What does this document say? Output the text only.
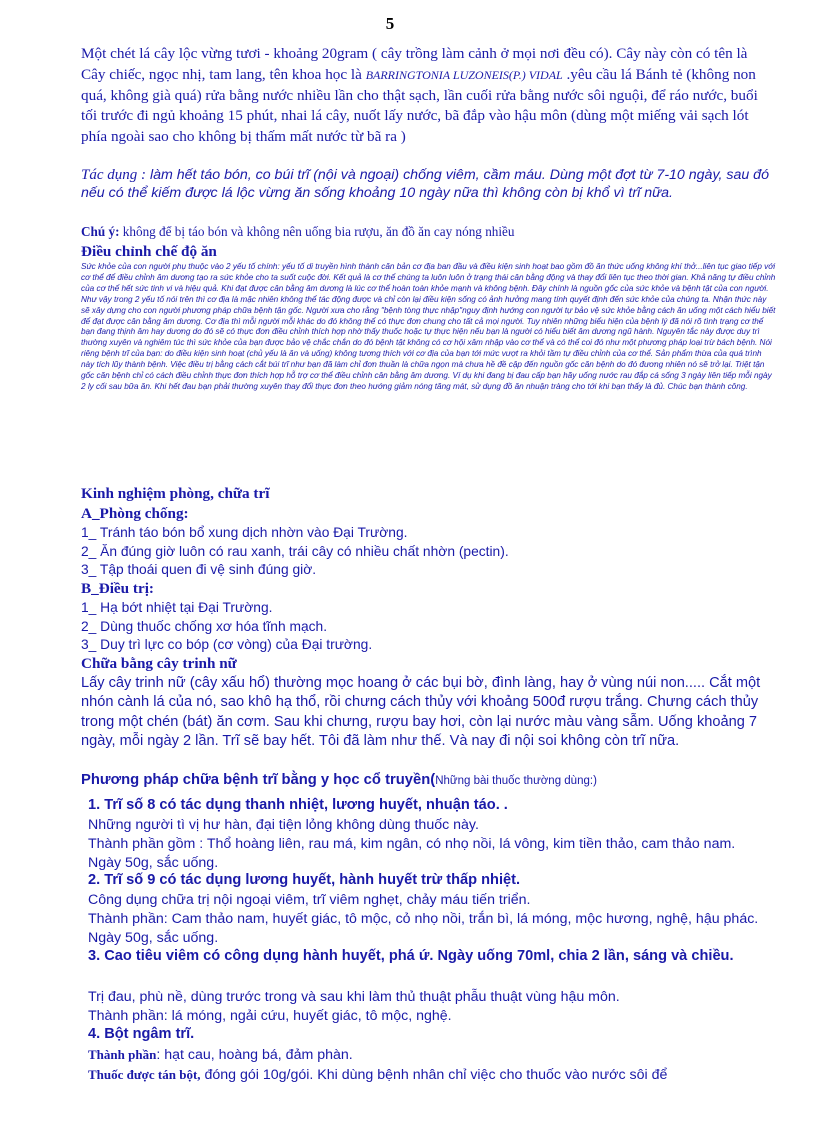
5

Một chét lá cây lộc vừng tươi - khoảng 20gram ( cây trồng làm cảnh ở mọi nơi đều có). Cây này còn có tên là Cây chiếc, ngọc nhị, tam lang, tên khoa học là BARRINGTONIA LUZONEIS(P.) VIDAL .yêu cầu lá Bánh tẻ (không non quá, không già quá) rửa bằng nước nhiều lần cho thật sạch, lần cuối rửa bằng nước sôi nguội, để ráo nước, buổi tối trước đi ngủ khoảng 15 phút, nhai lá cây, nuốt lấy nước, bã đắp vào hậu môn (dùng một miếng vải sạch lót phía ngoài sao cho không bị thấm mất nước từ bã ra )

Tác dụng : làm hết táo bón, co búi trĩ (nội và ngoại) chống viêm, cầm máu. Dùng một đợt từ 7-10 ngày, sau đó nếu có thể kiếm được lá lộc vừng ăn sống khoảng 10 ngày nữa thì không còn bị khổ vì trĩ nữa.

Chú ý: không để bị táo bón và không nên uống bia rượu, ăn đồ ăn cay nóng nhiều

Điều chỉnh chế độ ăn

Sức khỏe của con người phụ thuộc vào 2 yếu tố chính: yếu tố di truyền hình thành căn bản cơ địa ban đầu và điều kiện sinh hoạt bao gồm đồ ăn thức uống không khí thở...liên tục giao tiếp với cơ thể để điều chỉnh âm dương tạo ra sức khỏe cho ta suốt cuộc đời. Kết quả là cơ thể chúng ta luôn luôn ở trạng thái cân bằng động và thay đổi liên tục theo thời gian. Khả năng tự điều chỉnh của cơ thể hết sức tinh vi và hiệu quả. Khi đạt được cân bằng âm dương là lúc cơ thể hoàn toàn khỏe mạnh và không bệnh. Đây chính là nguồn gốc của sức khỏe và bệnh tật của con người. Như vậy trong 2 yếu tố nói trên thì cơ địa là mặc nhiên không thể tác động được và chỉ còn lại điều kiện sống có ảnh hưởng mang tính quyết định đến sức khỏe của chúng ta. Nhận thức này sẽ xây dựng cho con người phương pháp chữa bệnh tận gốc. Người xưa cho rằng "bệnh tòng thực nhập"nguy định hướng con người tự bảo vệ sức khỏe bằng cách ăn uống một cách hiểu biết để đạt được cân bằng âm dương. Cơ địa thì mỗi người mỗi khác do đó không thể có thực đơn chung cho tất cả mọi người. Tuy nhiên những biểu hiện của bệnh lý đã nói rõ tình trạng cơ thể bạn đang thịnh âm hay dương do đó sẽ có thực đơn điều chỉnh thích hợp nhờ thấy thuốc hoặc tự thực hiện nếu bạn là người có hiểu biết âm dương ngũ hành. Nguyên tắc này được duy trì thường xuyên và nghiêm túc thì sức khỏe của bạn được bảo vệ chắc chắn do đó bệnh tật không có cơ hội xâm nhập vào cơ thể và có thể coi đó như một phương pháp loại trừ bách bệnh. Nói riêng bệnh trĩ của bạn: do điều kiện sinh hoạt (chủ yếu là ăn và uống) không tương thích với cơ địa của bạn tới mức vượt ra khỏi tầm tự điều chỉnh của cơ thể. Sản phẩm thừa của quá trình này tích lũy thành bệnh. Việc điều trị bằng cách cắt búi trĩ như bạn đã làm chỉ đơn thuần là chữa ngọn mà chưa hề đề cập đến nguồn gốc căn bệnh do đó đương nhiên nó sẽ trở lại. Triệt tận gốc căn bệnh chỉ có cách điều chỉnh thực đơn thích hợp hỗ trợ cơ thể điều chỉnh cân bằng âm dương. Ví dụ khi đang bị đau cấp bạn hãy uống nước rau đắp cá sống 3 ngày liên tiếp mỗi ngày 2 ly cối sau bữa ăn. Khi hết đau bạn phải thường xuyên thay đổi thực đơn theo hướng giảm nóng tăng mát, sử dụng đồ ăn nhuận tràng cho tới khi bạn thấy là đủ. Chúc bạn thành công.

Kinh nghiệm phòng, chữa trĩ
A_Phòng chống:
1_ Tránh táo bón bổ xung dịch nhờn vào Đại Trường.
2_ Ăn đúng giờ luôn có rau xanh, trái cây có nhiều chất nhờn (pectin).
3_ Tập thoái quen đi vệ sinh đúng giờ.
B_Điều trị:
1_ Hạ bớt nhiệt tại Đại Trường.
2_ Dùng thuốc chống xơ hóa tĩnh mạch.
3_ Duy trì lực co bóp (cơ vòng) của Đại trường.
Chữa bằng cây trinh nữ

Lấy cây trinh nữ (cây xấu hổ) thường mọc hoang ở các bụi bờ, đình làng, hay ở vùng núi non..... Cắt một nhón cành lá của nó, sao khô hạ thổ, rồi chưng cách thủy với khoảng 500đ rượu trắng. Chưng cách thủy trong một chén (bát) ăn cơm. Sau khi chưng, rượu bay hơi, còn lại nước màu vàng sẫm. Uống khoảng 7 ngày, mỗi ngày 2 lần. Trĩ sẽ bay hết. Tôi đã làm như thế. Và nay đi nội soi không còn trĩ nữa.

Phương pháp chữa bệnh trĩ bằng y học cổ truyền(Những bài thuốc thường dùng:)
1. Trĩ số 8 có tác dụng thanh nhiệt, lương huyết, nhuận táo. .
Những người tì vị hư hàn, đại tiện lỏng không dùng thuốc này.
Thành phần gồm : Thổ hoàng liên, rau má, kim ngân, có nhọ nồi, lá vông, kim tiền thảo, cam thảo nam. Ngày 50g, sắc uống.
2. Trĩ số 9 có tác dụng lương huyết, hành huyết trừ thấp nhiệt.
Công dụng chữa trị nội ngoại viêm, trĩ viêm nghẹt, chảy máu tiến triển.
Thành phần: Cam thảo nam, huyết giác, tô mộc, cỏ nhọ nồi, trắn bì, lá móng, mộc hương, nghệ, hậu phác. Ngày 50g, sắc uống.
3. Cao tiêu viêm có công dụng hành huyết, phá ứ. Ngày uống 70ml, chia 2 lần, sáng và chiều.
Trị đau, phù nề, dùng trước trong và sau khi làm thủ thuật phẫu thuật vùng hậu môn.
Thành phần: lá móng, ngải cứu, huyết giác, tô mộc, nghệ.
4. Bột ngâm trĩ.
Thành phần: hạt cau, hoàng bá, đảm phàn.
Thuốc được tán bột, đóng gói 10g/gói. Khi dùng bệnh nhân chỉ việc cho thuốc vào nước sôi để
